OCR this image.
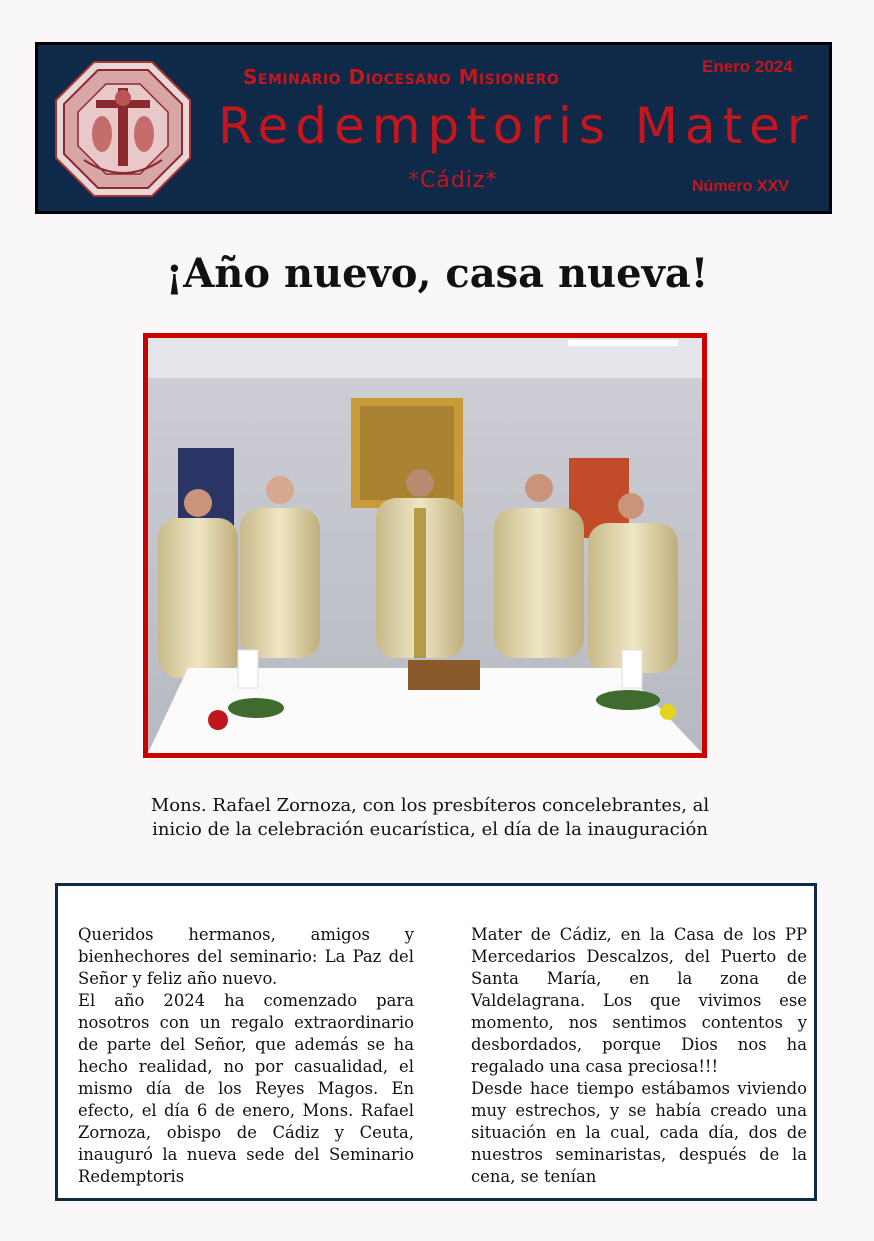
Seminario Diocesano Misionero
Redemptoris Mater
*Cádiz*
Enero 2024
Número XXV
¡Año nuevo, casa nueva!
Mons. Rafael Zornoza, con los presbíteros concelebrantes, al inicio de la celebración eucarística, el día de la inauguración

Queridos hermanos, amigos y bienhechores del seminario: La Paz del Señor y feliz año nuevo.

El año 2024 ha comenzado para nosotros con un regalo extraordinario de parte del Señor, que además se ha hecho realidad, no por casualidad, el mismo día de los Reyes Magos. En efecto, el día 6 de enero, Mons. Rafael Zornoza, obispo de Cádiz y Ceuta, inauguró la nueva sede del Seminario Redemptoris

Mater de Cádiz, en la Casa de los PP Mercedarios Descalzos, del Puerto de Santa María, en la zona de Valdelagrana. Los que vivimos ese momento, nos sentimos contentos y desbordados, porque Dios nos ha regalado una casa preciosa!!!

Desde hace tiempo estábamos viviendo muy estrechos, y se había creado una situación en la cual, cada día, dos de nuestros seminaristas, después de la cena, se tenían
